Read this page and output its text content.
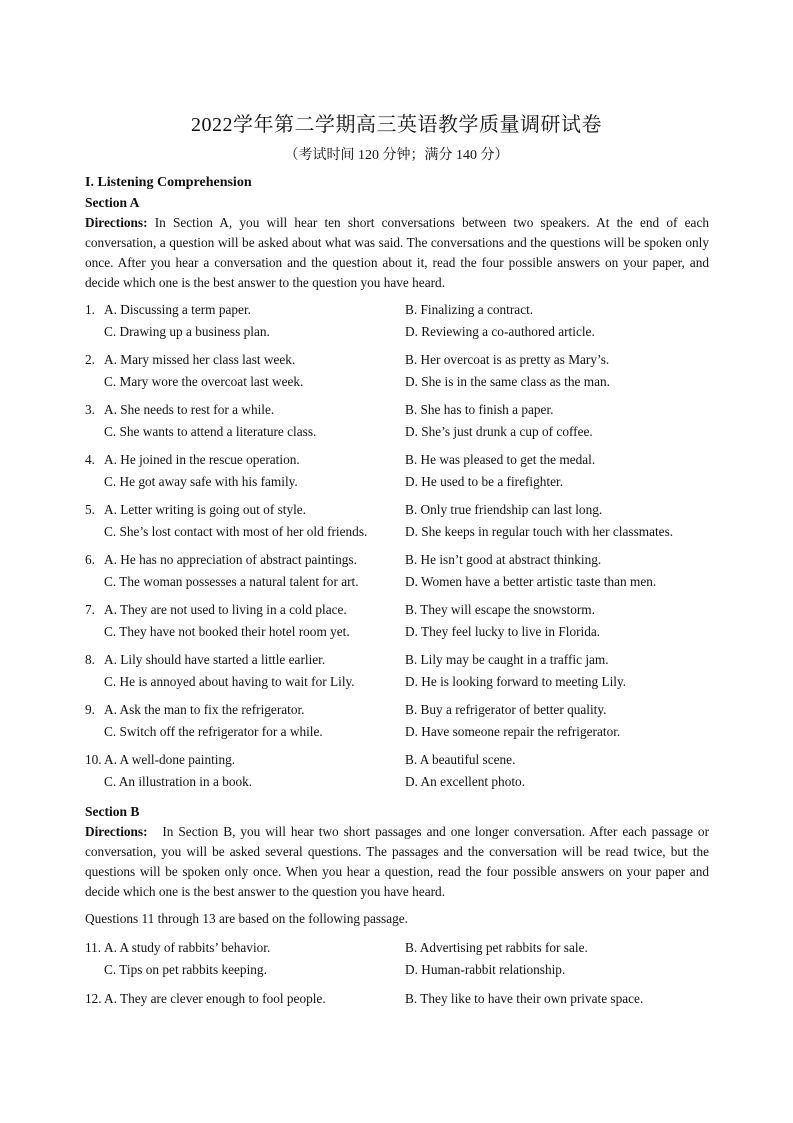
2022学年第二学期高三英语教学质量调研试卷
（考试时间 120 分钟；满分 140 分）
I. Listening Comprehension
Section A
Directions: In Section A, you will hear ten short conversations between two speakers. At the end of each conversation, a question will be asked about what was said. The conversations and the questions will be spoken only once. After you hear a conversation and the question about it, read the four possible answers on your paper, and decide which one is the best answer to the question you have heard.
1. A. Discussing a term paper.	B. Finalizing a contract.
C. Drawing up a business plan.	D. Reviewing a co-authored article.
2. A. Mary missed her class last week.	B. Her overcoat is as pretty as Mary’s.
C. Mary wore the overcoat last week.	D. She is in the same class as the man.
3. A. She needs to rest for a while.	B. She has to finish a paper.
C. She wants to attend a literature class.	D. She’s just drunk a cup of coffee.
4. A. He joined in the rescue operation.	B. He was pleased to get the medal.
C. He got away safe with his family.	D. He used to be a firefighter.
5. A. Letter writing is going out of style.	B. Only true friendship can last long.
C. She’s lost contact with most of her old friends.	D. She keeps in regular touch with her classmates.
6. A. He has no appreciation of abstract paintings.	B. He isn’t good at abstract thinking.
C. The woman possesses a natural talent for art.	D. Women have a better artistic taste than men.
7. A. They are not used to living in a cold place.	B. They will escape the snowstorm.
C. They have not booked their hotel room yet.	D. They feel lucky to live in Florida.
8. A. Lily should have started a little earlier.	B. Lily may be caught in a traffic jam.
C. He is annoyed about having to wait for Lily.	D. He is looking forward to meeting Lily.
9. A. Ask the man to fix the refrigerator.	B. Buy a refrigerator of better quality.
C. Switch off the refrigerator for a while.	D. Have someone repair the refrigerator.
10. A. A well-done painting.	B. A beautiful scene.
C. An illustration in a book.	D. An excellent photo.
Section B
Directions:   In Section B, you will hear two short passages and one longer conversation. After each passage or conversation, you will be asked several questions. The passages and the conversation will be read twice, but the questions will be spoken only once. When you hear a question, read the four possible answers on your paper and decide which one is the best answer to the question you have heard.
Questions 11 through 13 are based on the following passage.
11. A. A study of rabbits’ behavior.	B. Advertising pet rabbits for sale.
C. Tips on pet rabbits keeping.	D. Human-rabbit relationship.
12. A. They are clever enough to fool people.	B. They like to have their own private space.
